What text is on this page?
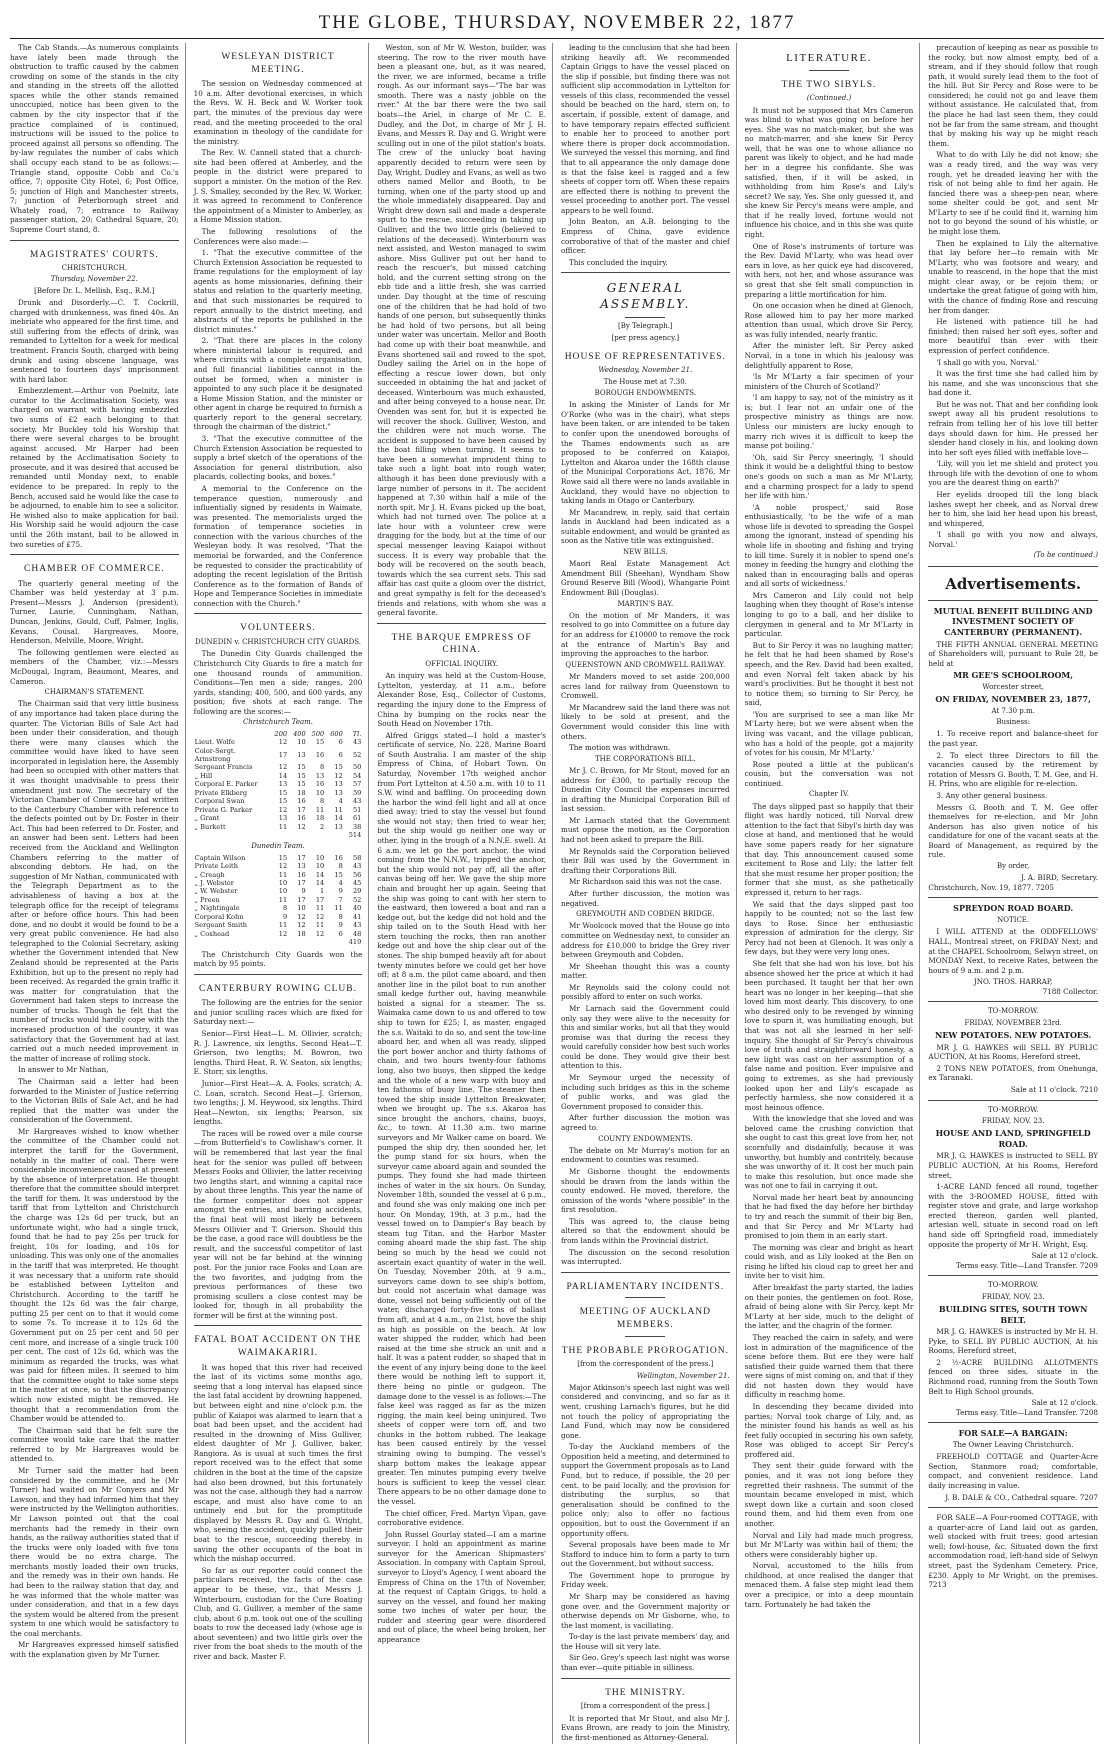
THE GLOBE, THURSDAY, NOVEMBER 22, 1877

The Cab Stands.—As numerous complaints have lately been made through the obstruction to traffic caused by the cabmen crowding on some of the stands in the city and standing in the streets off the allotted spaces while the other stands remained unoccupied, notice has been given to the cabmen by the city inspector that if the practice complained of is continued, instructions will be issued to the police to proceed against all persons so offending. The by-law regulates the number of cabs which shall occupy each stand to be as follows:—Triangle stand, opposite Cobb and Co.'s office, 7; opposite City Hotel, 6; Post Office, 5; junction of High and Manchester streets, 7; junction of Peterborough street and Whately road, 7; entrance to Railway passenger station, 20; Cathedral Square, 20; Supreme Court stand, 8.

MAGISTRATES' COURTS.
CHRISTCHURCH.
Thursday, November 22.
[Before Dr. L. Mellish, Esq., R.M.]

Drunk and Disorderly.—C. T. Cockrill, charged with drunkenness, was fined 40s. An inebriate who appeared for the first time, and still suffering from the effects of drink, was remanded to Lyttelton for a week for medical treatment. Francis South, charged with being drunk and using obscene language, was sentenced to fourteen days' imprisonment with hard labor.

Embezzlement.—Arthur von Poelnitz, late curator to the Acclimatisation Society, was charged on warrant with having embezzled two sums of £2 each belonging to that society. Mr Buckley told his Worship that there were several charges to be brought against accused. Mr Harper had been retained by the Acclimatisation Society to prosecute, and it was desired that accused be remanded until Monday next, to enable evidence to be prepared. In reply to the Bench, accused said he would like the case to be adjourned, to enable him to see a solicitor. He wished also to make application for bail. His Worship said he would adjourn the case until the 26th instant, bail to be allowed in two sureties of £75.

CHAMBER OF COMMERCE.

The quarterly general meeting of the Chamber was held yesterday at 3 p.m. Present—Messrs J. Anderson (president), Turner, Laurie, Cunningham, Nathan, Duncan, Jenkins, Gould, Cuff, Palmer, Inglis, Kevans, Cousal, Hargreaves, Moore, Henderson, Melville, Moore, Wright.

The following gentlemen were elected as members of the Chamber, viz.:—Messrs McDougal, Ingram, Beaumont, Meares, and Cameron.

CHAIRMAN'S STATEMENT.

The Chairman said that very little business of any importance had taken place during the quarter. The Victorian Bills of Sale Act had been under their consideration, and though there were many clauses which the committee would have liked to have seen incorporated in legislation here, the Assembly had been so occupied with other matters that it was thought unadvisable to press their amendment just now. The secretary of the Victorian Chamber of Commerce had written to the Canterbury Chamber with reference to the defects pointed out by Dr. Foster in their Act. This had been referred to Dr. Foster, and an answer had been sent. Letters had been received from the Auckland and Wellington Chambers referring to the matter of absconding debtors. He had, on the suggestion of Mr Nathan, communicated with the Telegraph Department as to the advisableness of having a box at the telegraph office for the receipt of telegrams after or before office hours. This had been done, and no doubt it would be found to be a very great public convenience. He had also telegraphed to the Colonial Secretary, asking whether the Government intended that New Zealand should be represented at the Paris Exhibition, but up to the present no reply had been received. As regarded the grain traffic it was matter for congratulation that the Government had taken steps to increase the number of trucks. Though he felt that the number of trucks would hardly cope with the increased production of the country, it was satisfactory that the Government had at last carried out a much needed improvement in the matter of increase of rolling stock.

In answer to Mr Nathan,

The Chairman said a letter had been forwarded to the Minister of Justice referring to the Victorian Bills of Sale Act, and he had replied that the matter was under the consideration of the Government.

Mr Hargreaves wished to know whether the committee of the Chamber could not interpret the tariff for the Government, notably in the matter of coal. There were considerable inconvenience caused at present by the absence of interpretation. He thought therefore that the committee should interpret the tariff for them. It was understood by the tariff that from Lyttelton and Christchurch the charge was 12s 6d per truck, but an unfortunate wight, who had a single truck, found that he had to pay 25s per truck for freight, 10s for loading, and 10s for unloading. This was only one of the anomalies in the tariff that was interpreted. He thought it was necessary that a uniform rate should be established between Lyttelton and Christchurch. According to the tariff he thought the 12s 6d was the fair charge, putting 25 per cent on to that it would come to some 7s. To increase it to 12s 6d the Government put on 25 per cent and 50 per cent more, and increase of a single truck 100 per cent. The cost of 12s 6d, which was the minimum as regarded the trucks, was what was paid for fifteen miles. It seemed to him that the committee ought to take some steps in the matter at once, so that the discrepancy which now existed might be removed. He thought that a recommendation from the Chamber would be attended to.

The Chairman said that he felt sure the committee would take care that the matter referred to by Mr Hargreaves would be attended to.

Mr Turner said the matter had been considered by the committee, and he (Mr Turner) had waited on Mr Conyers and Mr Lawson, and they had informed him that they were instructed by the Wellington authorities. Mr Lawson pointed out that the coal merchants had the remedy in their own hands, as the railway authorities stated that if the trucks were only loaded with five tons there would be no extra charge. The merchants mostly loaded their own trucks, and the remedy was in their own hands. He had been to the railway station that day, and he was informed that the whole matter was under consideration, and that in a few days the system would be altered from the present system to one which would be satisfactory to the coal merchants.

Mr Hargreaves expressed himself satisfied with the explanation given by Mr Turner.

WESLEYAN DISTRICT MEETING.

The session on Wednesday commenced at 10 a.m. After devotional exercises, in which the Revs. W. H. Beck and W. Worker took part, the minutes of the previous day were read, and the meeting proceeded to the oral examination in theology of the candidate for the ministry.

The Rev. W. Cannell stated that a church-site had been offered at Amberley, and the people in the district were prepared to support a minister. On the motion of the Rev. J. S. Smalley, seconded by the Rev. W. Worker, it was agreed to recommend to Conference the appointment of a Minister to Amberley, as a Home Mission station.

The following resolutions of the Conferences were also made:—

1. "That the executive committee of the Church Extension Association be requested to frame regulations for the employment of lay agents as home missionaries, defining their status and relation to the quarterly meeting, and that such missionaries be required to report annually to the district meeting, and abstracts of the reports be published in the district minutes."

2. "That there are places in the colony where ministerial labour is required, and where circuits with a complete organisation, and full financial liabilities cannot in the outset be formed, when a minister is appointed to any such place it be designated a Home Mission Station, and the minister or other agent in charge be required to furnish a quarterly report to the general secretary, through the chairman of the district."

3. "That the executive committee of the Church Extension Association be requested to supply a brief sketch of the operations of the Association for general distribution, also placards, collecting books, and boxes."

A memorial to the Conference on the temperance question, numerously and influentially signed by residents in Waimate, was presented. The memorialists urged the formation of temperance societies in connection with the various churches of the Wesleyan body. It was resolved, "That the memorial be forwarded, and the Conference be requested to consider the practicability of adopting the recent legislation of the British Conference as to the formation of Bands of Hope and Temperance Societies in immediate connection with the Church."

VOLUNTEERS.
DUNEDIN v. CHRISTCHURCH CITY GUARDS.

The Dunedin City Guards challenged the Christchurch City Guards to fire a match for one thousand rounds of ammunition. Conditions—Ten men a side; ranges, 200 yards, standing; 400, 500, and 600 yards, any position; five shots at each range. The following are the scores:—

Christchurch Team.
	200	400	500	600	Tl.
Lieut. Wolfe	12	10	15	6	43
Color-Sergt. Armstrong	17	13	16	6	52
Sergeant Francis	12	15	8	15	50
„ Hill	14	15	13	12	54
Corporal E. Parker	13	15	16	13	57
Private Elkberg	15	18	10	13	59
Corporal Swan	15	16	8	4	43
Private G. Parker	12	17	11	11	51
„ Grant	13	16	18	14	61
„ Burkett	11	12	2	13	38
					514
Dunedin Team.
Captain Wilson	15	17	10	16	58
Private Leith	12	13	10	8	43
„ Creagh	11	16	14	15	56
„ J. Webster	10	17	14	4	45
„ W. Webster	10	9	1	9	29
„ Preen	11	17	17	7	52
„ Nightingale	8	10	11	11	40
Corporal Kohn	9	12	12	8	41
Sergeant Smith	11	12	11	9	43
„ Coxhead	12	18	12	6	48
					419

The Christchurch City Guards won the match by 95 points.

CANTERBURY ROWING CLUB.

The following are the entries for the senior and junior sculling races which are fixed for Saturday next:—

Senior—First Heat—L. M. Ollivier, scratch; R. J. Lawrence, six lengths. Second Heat—T. Grierson, two lengths; M. Bowron, two lengths. Third Heat, R. W. Seaton, six lengths; E. Storr, six lengths.

Junior—First Heat—A. A. Fooks, scratch; A. C. Loan, scratch. Second Heat—J. Grierson, two lengths; J. M. Heywood, six lengths. Third Heat—Newton, six lengths; Pearson, six lengths.

The races will be rowed over a mile course—from Butterfield's to Cowlishaw's corner. It will be remembered that last year the final heat for the senior was pulled off between Messrs Fooks and Ollivier, the latter receiving two lengths start, and winning a capital race by about three lengths. This year the name of the former competitor does not appear amongst the entries, and barring accidents, the final heat will most likely be between Messrs Ollivier and T. Grierson. Should this be the case, a good race will doubtless be the result, and the successful competitor of last year will not be far behind at the winning post. For the junior race Fooks and Loan are the two favorites, and judging from the previous performances of these two promising scullers a close contest may be looked for, though in all probability the former will be first at the winning post.

FATAL BOAT ACCIDENT ON THE WAIMAKARIRI.

It was hoped that this river had received the last of its victims some months ago, seeing that a long interval has elapsed since the last fatal accident by drowning happened, but between eight and nine o'clock p.m. the public of Kaiapoi was alarmed to learn that a boat had been upset, and the accident had resulted in the drowning of Miss Gulliver, eldest daughter of Mr J. Gulliver, baker, Rangiora. As is usual at such times the first report received was to the effect that some children in the boat at the time of the capsize had also been drowned, but this fortunately was not the case, although they had a narrow escape, and must also have come to an untimely end but for the promptitude displayed by Messrs R. Day and G. Wright, who, seeing the accident, quickly pulled their boat to the rescue, succeeding thereby in saving the other occupants of the boat in which the mishap occurred.

So far as our reporter could connect the particulars received, the facts of the case appear to be these, viz., that Messrs J. Winterbourn, custodian for the Cure Boating Club, and G. Gulliver, a member of the same club, about 6 p.m. took out one of the sculling boats to row the deceased lady (whose age is about seventeen) and two little girls over the river from the boat sheds to the mouth of the river and back. Master F.

Weston, son of Mr W. Weston, builder, was steering. The row to the river mouth have been a pleasant one, but, as it was neared, the river, we are informed, became a trifle rough. As our informant says—"The bar was smooth. There was a nasty jobble on the river." At the bar there were the two sail boats—the Ariel, in charge of Mr C. E. Dudley, and the Dot, in charge of Mr J. H. Evans, and Messrs R. Day and G. Wright were sculling out in one of the pilot station's boats. The crew of the unlucky boat having apparently decided to return were seen by Day, Wright, Dudley and Evans, as well as two others named Mellor and Booth, to be turning, when one of the party stood up and the whole immediately disappeared. Day and Wright drew down sail and made a desperate spurt to the rescue, succeeding in taking up Gulliver, and the two little girls (believed to relations of the deceased). Winterbourn was next assisted, and Weston managed to swim ashore. Miss Gulliver put out her hand to reach the rescuer's, but missed catching hold, and the current setting strong on the ebb tide and a little fresh, she was carried under. Day thought at the time of rescuing one of the children that he had hold of two hands of one person, but subsequently thinks he had hold of two persons, but all being under water was uncertain. Mellor and Booth had come up with their boat meanwhile, and Evans shortened sail and rowed to the spot, Dudley sailing the Ariel on in the hope of effecting a rescue lower down, but only succeeded in obtaining the hat and jacket of deceased. Winterbourn was much exhausted, and after being conveyed to a house near, Dr. Ovenden was sent for, but it is expected he will recover the shock. Gulliver, Weston, and the children were not much worse. The accident is supposed to have been caused by the boat filling when turning. It seems to have been a somewhat imprudent thing to take such a light boat into rough water, although it has been done previously with a large number of persons in it. The accident happened at 7.30 within half a mile of the north spit. Mr J. H. Evans picked up the boat, which had not turned over. The police at a late hour with a volunteer crew were dragging for the body, but at the time of our special messenger leaving Kaiapoi without success. It is every way probable that the body will be recovered on the south beach, towards which the sea current sets. This sad affair has cast quite a gloom over the district, and great sympathy is felt for the deceased's friends and relations, with whom she was a general favorite.

THE BARQUE EMPRESS OF CHINA.
OFFICIAL INQUIRY.

An inquiry was held at the Custom-House, Lyttelton, yesterday, at 11 a.m., before Alexander Rose, Esq., Collector of Customs, regarding the injury done to the Empress of China by bumping on the rocks near the South Head on November 17th.

Alfred Griggs stated—I hold a master's certificate of service, No. 228, Marine Board of South Australia. I am master of the ship Empress of China, of Hobart Town. On Saturday, November 17th weighed anchor from Port Lyttelton at 4.50 a.m. with 10 to 11 S.W. wind and baffling. On proceeding down the harbor the wind fell light and all at once died away; tried to stay the vessel but found she would not stay; then tried to wear her, but the ship would go neither one way or other, lying in the trough of a N.N.E. swell. At 6 a.m. we let go the port anchor, the wind coming from the N.N.W., tripped the anchor, but the ship would not pay off, all the after canvas being off her. We gave the ship more chain and brought her up again. Seeing that the ship was going to cant with her stern to the eastward, then lowered a boat and ran a kedge out, but the kedge did not hold and the ship tailed on to the South Head with her stern touching the rocks, then ran another kedge out and hove the ship clear out of the stones. The ship bumped heavily aft for about twenty minutes before we could get her hove off; at 8 a.m. the pilot came aboard, and then another line in the pilot boat to run another small kedge further out, having meanwhile hoisted a signal for a steamer. The ss. Waimaka came down to us and offered to tow ship to town for £25; I, as master, engaged the s.s. Waitaki to do so, and sent the tow-line aboard her, and when all was ready, slipped the port bower anchor and thirty fathoms of chain, and two hours twenty-four fathoms long, also two buoys, then slipped the kedge and the whole of a new warp with buoy and ten fathoms of buoy line. The steamer then towed the ship inside Lyttelton Breakwater, when we brought up. The s.s. Akaroa has since brought the anchors, chains, buoys, &c., to town. At 11.30 a.m. two marine surveyors and Mr Walker came on board. We pumped the ship dry, then sounded her, let the pump stand for six hours, when the surveyor came aboard again and sounded the pumps. They found she had made thirteen inches of water in the six hours. On Sunday, November 18th, sounded the vessel at 6 p.m., and found she was only making one inch per hour. On Monday, 19th, at 3 p.m., had the vessel towed on to Dampier's Bay beach by steam tug Titan, and the Harbor Master coming aboard made the ship fast. The ship being so much by the head we could not ascertain exact quantity of water in the well. On Tuesday, November 20th, at 9 a.m., surveyors came down to see ship's bottom, but could not ascertain what damage was done, vessel not being sufficiently out of the water, discharged forty-five tons of ballast from aft, and at 4 a.m., on 21st, hove the ship as high as possible on the beach. At low water shipped the rudder, which had been raised at the time she struck an unit and a half. It was a patent rudder, so shaped that in the event of any injury being done to the keel there would be nothing left to support it, there being no pintle or gudgeon. The damage done to the vessel is as follows:—The false keel was ragged as far as the mizen rigging, the main keel being uninjured. Two sheets of copper were torn off, and two chunks in the bottom rubbed. The leakage has been caused entirely by the vessel straining owing to bumping. The vessel's sharp bottom makes the leakage appear greater. Ten minutes pumping every twelve hours is sufficient to keep the vessel clear. There appears to be no other damage done to the vessel.

The chief officer, Fred. Martyn Vipan, gave corroborative evidence.

John Russel Gourlay stated—I am a marine surveyor. I hold an appointment as marine surveyor for the American Shipmasters' Association. In company with Captain Sproul, surveyor to Lloyd's Agency, I went aboard the Empress of China on the 17th of November, at the request of Captain Griggs, to hold a survey on the vessel, and found her making some two inches of water per hour, the rudder and steering gear were disordered and out of place, the wheel being broken, her appearance

leading to the conclusion that she had been striking heavily aft. We recommended Captain Griggs to have the vessel placed on the slip if possible, but finding there was not sufficient slip accommodation in Lyttelton for vessels of this class, recommended the vessel should be beached on the hard, stern on, to ascertain, if possible, extent of damage, and to have temporary repairs effected sufficient to enable her to proceed to another port where there is proper dock accommodation. We surveyed the vessel this morning, and find that to all appearance the only damage done is that the false keel is ragged and a few sheets of copper torn off. When these repairs are effected there is nothing to prevent the vessel proceeding to another port. The vessel appears to be well found.

John Beaton, an A.B. belonging to the Empress of China, gave evidence corroborative of that of the master and chief officer.

This concluded the inquiry.

GENERAL ASSEMBLY.
[By Telegraph.]
[per press agency.]
HOUSE OF REPRESENTATIVES.
Wednesday, November 21.
The House met at 7.30.
BOROUGH ENDOWMENTS.

In asking the Minister of Lands for Mr O'Rorke (who was in the chair), what steps have been taken, or are intended to be taken to confer upon the unendowed boroughs of the Thames endowments such as are proposed to be conferred on Kaiapoi, Lyttelton and Akaroa under the 168th clause of the Municipal Corporations Act, 1876, Mr Rowe said all there were no lands available in Auckland, they would have no objection to taking lands in Otago or Canterbury.

Mr Macandrew, in reply, said that certain lands in Auckland had been indicated as a suitable endowment, and would be granted as soon as the Native title was extinguished.

NEW BILLS.

Maori Real Estate Management Act Amendment Bill (Sheehan), Wyndham Show Ground Reserve Bill (Wood), Whangarie Point Endowment Bill (Douglas).

MARTIN'S BAY.

On the motion of Mr Manders, it was resolved to go into Committee on a future day for an address for £10000 to remove the rock at the entrance of Martin's Bay and improving the approaches to the harbor.

QUEENSTOWN AND CROMWELL RAILWAY.

Mr Manders moved to set aside 200,000 acres land for railway from Queenstown to Cromwell.

Mr Macandrew said the land there was not likely to be sold at present, and the Government would consider this line with others.

The motion was withdrawn.

THE CORPORATIONS BILL.

Mr J. C. Brown, for Mr Stout, moved for an address for £300, to partially recoup the Dunedin City Council the expenses incurred in drafting the Municipal Corporation Bill of last session.

Mr Larnach stated that the Government must oppose the motion, as the Corporation had not been asked to prepare the Bill.

Mr Reynolds said the Corporation believed their Bill was used by the Government in drafting their Corporations Bill.

Mr Richardson said this was not the case.

After further discussion, the motion was negatived.

GREYMOUTH AND COBDEN BRIDGE.

Mr Woolcock moved that the House go into committee on Wednesday next, to consider an address for £10,000 to bridge the Grey river between Greymouth and Cobden.

Mr Sheehan thought this was a county matter.

Mr Reynolds said the colony could not possibly afford to enter on such works.

Mr Larnach said the Government could only say they were alive to the necessity for this and similar works, but all that they would promise was that during the recess they would carefully consider how best such works could be done. They would give their best attention to this.

Mr Seymour urged the necessity of including such bridges as this in the scheme of public works, and was glad the Government proposed to consider this.

After further discussion the motion was agreed to.

COUNTY ENDOWMENTS.

The debate on Mr Murray's motion for an endowment to counties was resumed.

Mr Gisborne thought the endowments should be drawn from the lands within the county endowed. He moved, therefore, the omission of the words "where possible" in the first resolution.

This was agreed to, the clause being altered so that the endowment should be from lands within the Provincial district.

The discussion on the second resolution was interrupted.

PARLIAMENTARY INCIDENTS.
MEETING OF AUCKLAND MEMBERS.
THE PROBABLE PROROGATION.
[from the correspondent of the press.]
Wellington, November 21.

Major Atkinson's speech last night was well considered and convincing, and so far as it went, crushing Larnach's figures, but he did not touch the policy of appropriating the Land Fund, which may now be considered gone.

To-day the Auckland members of the Opposition held a meeting, and determined to support the Government proposals as to Land Fund, but to reduce, if possible, the 20 per cent. to be paid locally, and the provision for distributing the surplus, so that generalisation should be confined to the police only; also to offer no factious opposition, but to oust the Government if an opportunity offers.

Several proposals have been made to Mr Stafford to induce him to form a party to turn out the Government, but without success.

The Government hope to prorogue by Friday week.

Mr Sharp may be considered as having gone over, and the Government majority or otherwise depends on Mr Gisborne, who, to the last moment, is vacillating.

To-day is the last private members' day, and the House will sit very late.

Sir Geo. Grey's speech last night was worse than ever—quite pitiable in silliness.

THE MINISTRY.
[from a correspondent of the press.]

It is reported that Mr Stout, and also Mr J. Evans Brown, are ready to join the Ministry, the first-mentioned as Attorney-General.

LITERATURE.
THE TWO SIBYLS.
(Continued.)

It must not be supposed that Mrs Cameron was blind to what was going on before her eyes. She was no match-maker, but she was no match-marrer, and she knew Sir Percy well, that he was one to whose alliance no parent was likely to object, and he had made her in a degree his confidante. She was satisfied, then, if it will be asked, in withholding from him Rose's and Lily's secret? We say, Yes. She only guessed it, and she knew Sir Percy's means were ample, and that if he really loved, fortune would not influence his choice, and in this she was quite right.

One of Rose's instruments of torture was the Rev. David M'Larty, who was head over ears in love, as her quick eye had discovered, with hers, not her, and whose assurance was so great that she felt small compunction in preparing a little mortification for him.

On one occasion when he dined at Glenoch, Rose allowed him to pay her more marked attention than usual, which drove Sir Percy, as was fully intended, nearly frantic.

After the minister left, Sir Percy asked Norval, in a tone in which his jealousy was delightfully apparent to Rose,

'Is Mr M'Larty a fair specimen of your ministers of the Church of Scotland?'

'I am happy to say, not of the ministry as it is; but I fear not an unfair one of the prospective ministry as things are now. Unless our ministers are lucky enough to marry rich wives it is difficult to keep the manse pot boiling.'

'Oh, said Sir Percy sneeringly, 'I should think it would be a delightful thing to bestow one's goods on such a man as Mr M'Larty, and a charming prospect for a lady to spend her life with him.'

'A noble prospect,' said Rose enthusiastically, 'to be the wife of a man whose life is devoted to spreading the Gospel among the ignorant, instead of spending his whole life in shooting and fishing and trying to kill time. Surely it is nobler to spend one's money in feeding the hungry and clothing the naked than in encouraging balls and operas and all sorts of wickedness.'

Mrs Cameron and Lily could not help laughing when they thought of Rose's intense longing to go to a ball, and her dislike to clergymen in general and to Mr M'Larty in particular.

But to Sir Percy it was no laughing matter; he felt that he had been shamed by Rose's speech, and the Rev. David had been exalted, and even Norval felt taken aback by his ward's proclivities. But he thought it best not to notice them; so turning to Sir Percy, he said,

'You are surprised to see a man like Mr M'Larty here; but we were absent when the living was vacant, and the village publican, who has a hold of the people, got a majority of votes for his cousin, Mr M'Larty.'

Rose pouted a little at the publican's cousin, but the conversation was not continued.

Chapter IV.

The days slipped past so happily that their flight was hardly noticed, till Norval drew attention to the fact that Sibyl's birth day was close at hand, and mentioned that he would have some papers ready for her signature that day. This announcement caused some excitement to Rose and Lily; the latter felt that she must resume her proper position; the former that she must, as she pathetically expressed it, return to her rags.

We said that the days slipped past too happily to be counted; not so the last few days to Rose. Since her enthusiastic expression of admiration for the clergy, Sir Percy had not been at Glenoch. It was only a few days, but they were very long ones.

She felt that she had won his love, but his absence showed her the price at which it had been purchased. It taught her that her own heart was no longer in her keeping—that she loved him most dearly. This discovery, to one who desired only to be revenged by winning love to spurn it, was humiliating enough, but that was not all she learned in her self-inquiry. She thought of Sir Percy's chivalrous love of truth and straightforward honesty, a new light was cast on her assumption of a false name and position. Ever impulsive and going to extremes, as she had previously looked upon her and Lily's escapade as perfectly harmless, she now considered it a most heinous offence.

With the knowledge that she loved and was beloved came the crushing conviction that she ought to cast this great love from her, not scornfully and disdainfully, because it was unworthy, but humbly and contritely, because she was unworthy of it. It cost her much pain to make this resolution, but once made she was not one to fail in carrying it out.

Norval made her heart beat by announcing that he had fixed the day before her birthday to try and reach the summit of their big Ben, and that Sir Percy and Mr M'Larty had promised to join them in an early start.

The morning was clear and bright as heart could wish, and as Lily looked at the Ben on rising he lifted his cloud cap to greet her and invite her to visit him.

After breakfast the party started, the ladies on their ponies, the gentlemen on foot. Rose, afraid of being alone with Sir Percy, kept Mr M'Larty at her side, much to the delight of the latter, and the chagrin of the former.

They reached the cairn in safety, and were lost in admiration of the magnificence of the scene before them. But ere they were half satisfied their guide warned them that there were signs of mist coming on, and that if they did not hasten down they would have difficulty in reaching home.

In descending they became divided into parties; Norval took charge of Lily, and, as the minister found his hands as well as his feet fully occupied in securing his own safety, Rose was obliged to accept Sir Percy's proffered aid.

They sent their guide forward with the ponies, and it was not long before they regretted their rashness. The summit of the mountain became enveloped in mist, which swept down like a curtain and soon closed round them, and hid them even from one another.

Norval and Lily had made much progress, but Mr M'Larty was within hail of them; the others were considerably higher up.

Norval, accustomed to the hills from childhood, at once realised the danger that menaced them. A false step might lead them over a precipice, or into a deep mountain tarn. Fortunately he had taken the

precaution of keeping as near as possible to the rocky, but now almost empty, bed of a stream, and if they should follow that rough path, it would surely lead them to the foot of the hill. But Sir Percy and Rose were to be considered; he could not go and leave them without assistance. He calculated that, from the place he had last seen them, they could not be far from the same stream, and thought that by making his way up he might reach them.

What to do with Lily he did not know; she was a ready tired, and the way was very rough, yet he dreaded leaving her with the risk of not being able to find her again. He fancied there was a sheep-pen near, where some shelter could be got, and sent Mr M'Larty to see if he could find it, warning him not to go beyond the sound of his whistle, or he might lose them.

Then he explained to Lily the alternative that lay before her—to remain with Mr M'Larty, who was footsore and weary, and unable to reascend, in the hope that the mist might clear away, or be rejoin them; or undertake the great fatigue of going with him, with the chance of finding Rose and rescuing her from danger.

He listened with patience till he had finished; then raised her soft eyes, softer and more beautiful than ever with their expression of perfect confidence.

'I shall go with you, Norval.'

It was the first time she had called him by his name, and she was unconscious that she had done it.

But he was not. That and her confiding look swept away all his prudent resolutions to refrain from telling her of his love till better days should dawn for him. He pressed her slender hand closely in his, and looking down into her soft eyes filled with ineffable love—

'Lily, will you let me shield and protect you through life with the devotion of one to whom you are the dearest thing on earth?'

Her eyelids drooped till the long black lashes swept her cheek, and as Norval drew her to him, she laid her head upon his breast, and whispered,

'I shall go with you now and always, Norval.'

(To be continued.)
Advertisements.
MUTUAL BENEFIT BUILDING AND INVESTMENT SOCIETY OF CANTERBURY (PERMANENT).

THE FIFTH ANNUAL GENERAL MEETING of Shareholders will, pursuant to Rule 28, be held at

MR GEE'S SCHOOLROOM,
Worcester street,
ON FRIDAY, NOVEMBER 23, 1877,
At 7.30 p.m.
Business:

1. To receive report and balance-sheet for the past year.

2. To elect three Directors to fill the vacancies caused by the retirement by rotation of Messrs G. Booth, T. M. Gee, and H. H. Prins, who are eligible for re-election.

3. Any other general business.

Messrs G. Booth and T. M. Gee offer themselves for re-election, and Mr John Anderson has also given notice of his candidature for one of the vacant seats at the Board of Management, as required by the rule.

By order,
J. A. BIRD, Secretary.
Christchurch, Nov. 19, 1877. 7205
SPREYDON ROAD BOARD.
NOTICE.

I WILL ATTEND at the ODDFELLOWS' HALL, Montreal street, on FRIDAY Next; and at the CHAPEL Schoolroom, Selwyn street, on MONDAY Next, to receive Rates, between the hours of 9 a.m. and 2 p.m.

JNO. THOS. HARRAP,
7188 Collector.
TO-MORROW.
FRIDAY, NOVEMBER 23rd.
NEW POTATOES. NEW POTATOES.

MR J. G. HAWKES will SELL BY PUBLIC AUCTION, At his Rooms, Hereford street,

2 TONS NEW POTATOES, from Onehunga, ex Taranaki.

Sale at 11 o'clock. 7210
TO-MORROW.
FRIDAY, NOV. 23.
HOUSE AND LAND, SPRINGFIELD ROAD.

MR J. G. HAWKES is instructed to SELL BY PUBLIC AUCTION, At his Rooms, Hereford street,

1-ACRE LAND fenced all round, together with the 3-ROOMED HOUSE, fitted with register stove and grate, and large workshop erected thereon, garden well planted, artesian well, situate in second road on left hand side off Springfield road, immediately opposite the property of Mr H. Wright, Esq.

Sale at 12 o'clock.
Terms easy. Title—Land Transfer. 7209
TO-MORROW.
FRIDAY, NOV. 23.
BUILDING SITES, SOUTH TOWN BELT.

MR J. G. HAWKES is instructed by Mr H. H. Pyke, to SELL BY PUBLIC AUCTION, At his Rooms, Hereford street,

2 ½-ACRE BUILDING ALLOTMENTS fenced on three sides, situate in the Richmond road, running from the South Town Belt to High School grounds.

Sale at 12 o'clock.
Terms easy. Title—Land Transfer. 7208
FOR SALE—A BARGAIN:
The Owner Leaving Christchurch.

FREEHOLD COTTAGE and Quarter-Acre Section, Stanmore road; comfortable, compact, and convenient residence. Land daily increasing in value.

J. B. DALE & CO., Cathedral square. 7207

FOR SALE—A Four-roomed COTTAGE, with a quarter-acre of Land laid out as garden, well stocked with fruit trees; good artesian well; fowl-house, &c. Situated down the first accommodation road, left-hand side of Selwyn street, past the Sydenham Cemetery. Price, £230. Apply to Mr Wright, on the premises. 7213
